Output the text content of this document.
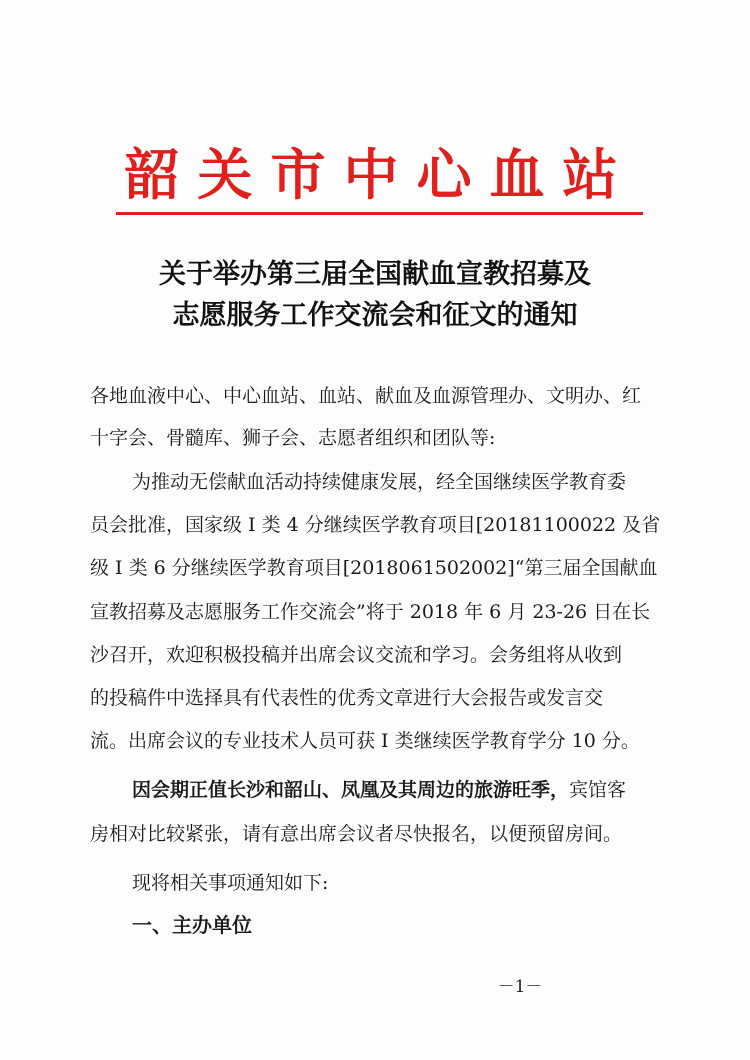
韶关市中心血站
关于举办第三届全国献血宣教招募及
志愿服务工作交流会和征文的通知
各地血液中心、中心血站、血站、献血及血源管理办、文明办、红
十字会、骨髓库、狮子会、志愿者组织和团队等:
为推动无偿献血活动持续健康发展，经全国继续医学教育委
员会批准，国家级 I 类 4 分继续医学教育项目[20181100022 及省
级 I 类 6 分继续医学教育项目[2018061502002]“第三届全国献血
宣教招募及志愿服务工作交流会”将于 2018 年 6 月 23-26 日在长
沙召开，欢迎积极投稿并出席会议交流和学习。会务组将从收到
的投稿件中选择具有代表性的优秀文章进行大会报告或发言交
流。出席会议的专业技术人员可获 I 类继续医学教育学分 10 分。
因会期正值长沙和韶山、凤凰及其周边的旅游旺季，宾馆客
房相对比较紧张，请有意出席会议者尽快报名，以便预留房间。
现将相关事项通知如下:
一、主办单位
－1－
